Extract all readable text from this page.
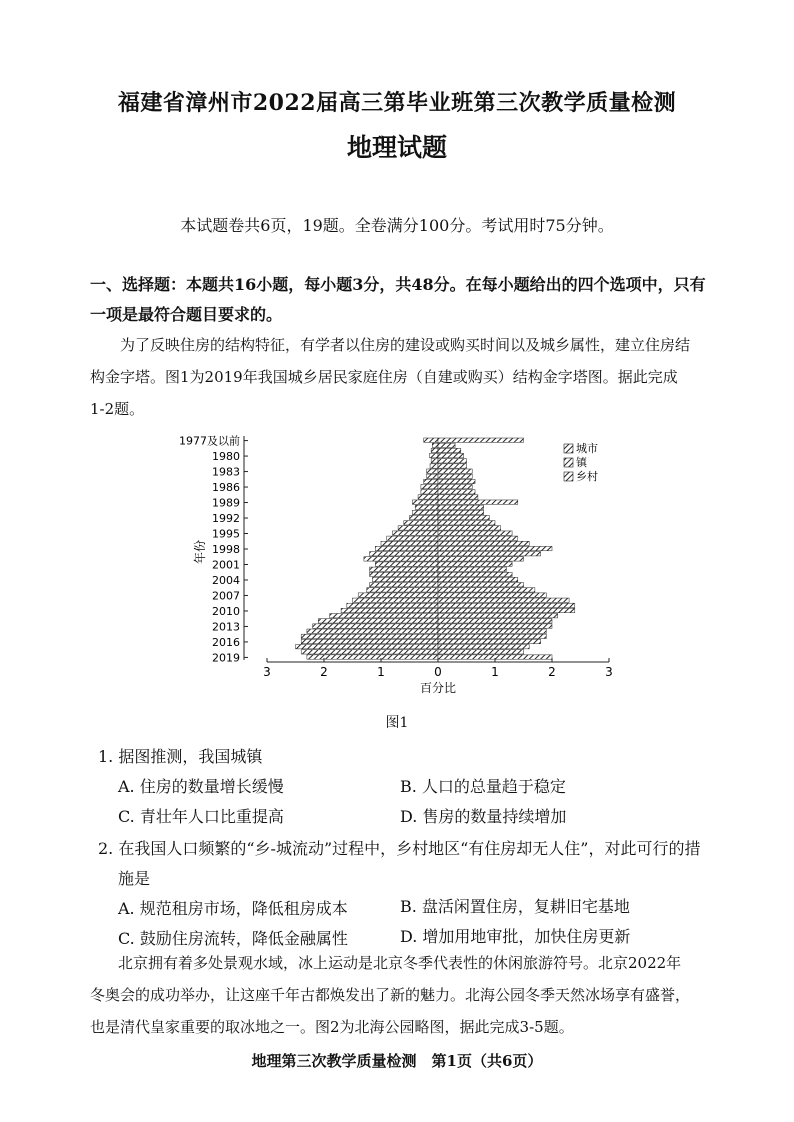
福建省漳州市2022届高三第毕业班第三次教学质量检测
地理试题
本试题卷共6页，19题。全卷满分100分。考试用时75分钟。
一、选择题：本题共16小题，每小题3分，共48分。在每小题给出的四个选项中，只有一项是最符合题目要求的。
为了反映住房的结构特征，有学者以住房的建设或购买时间以及城乡属性，建立住房结
构金字塔。图1为2019年我国城乡居民家庭住房（自建或购买）结构金字塔图。据此完成
1-2题。
1977及以前
1980
1983
1986
1989
1992
1995
1998
2001
2004
2007
2010
2013
2016
2019
3	2	1	0	1	2	3
百分比
年份
城市
镇
乡村
图1
1. 据图推测，我国城镇
A. 住房的数量增长缓慢	B. 人口的总量趋于稳定
C. 青壮年人口比重提高	D. 售房的数量持续增加
2. 在我国人口频繁的“乡-城流动”过程中，乡村地区“有住房却无人住”，对此可行的措
施是
A. 规范租房市场，降低租房成本	B. 盘活闲置住房，复耕旧宅基地
C. 鼓励住房流转，降低金融属性	D. 增加用地审批，加快住房更新
北京拥有着多处景观水域，冰上运动是北京冬季代表性的休闲旅游符号。北京2022年
冬奥会的成功举办，让这座千年古都焕发出了新的魅力。北海公园冬季天然冰场享有盛誉，
也是清代皇家重要的取冰地之一。图2为北海公园略图，据此完成3-5题。
地理第三次教学质量检测　第1页（共6页）
